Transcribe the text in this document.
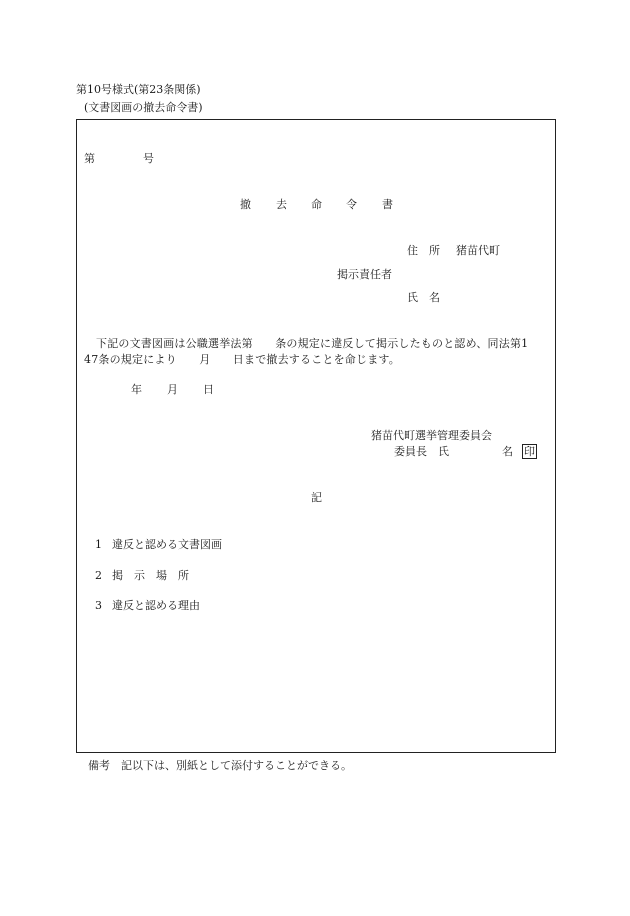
第10号様式(第23条関係)
(文書図画の撤去命令書)
第	号
撤 去 命 令 書
住　所 猪苗代町
掲示責任者
氏　名
下記の文書図画は公職選挙法第　　条の規定に違反して掲示したものと認め、同法第1
47条の規定により　　月　　日まで撤去することを命じます。
年 月 日
猪苗代町選挙管理委員会
委員長　氏	名 印
記
1 違反と認める文書図画
2 掲　示　場　所
3 違反と認める理由
備考　記以下は、別紙として添付することができる。
